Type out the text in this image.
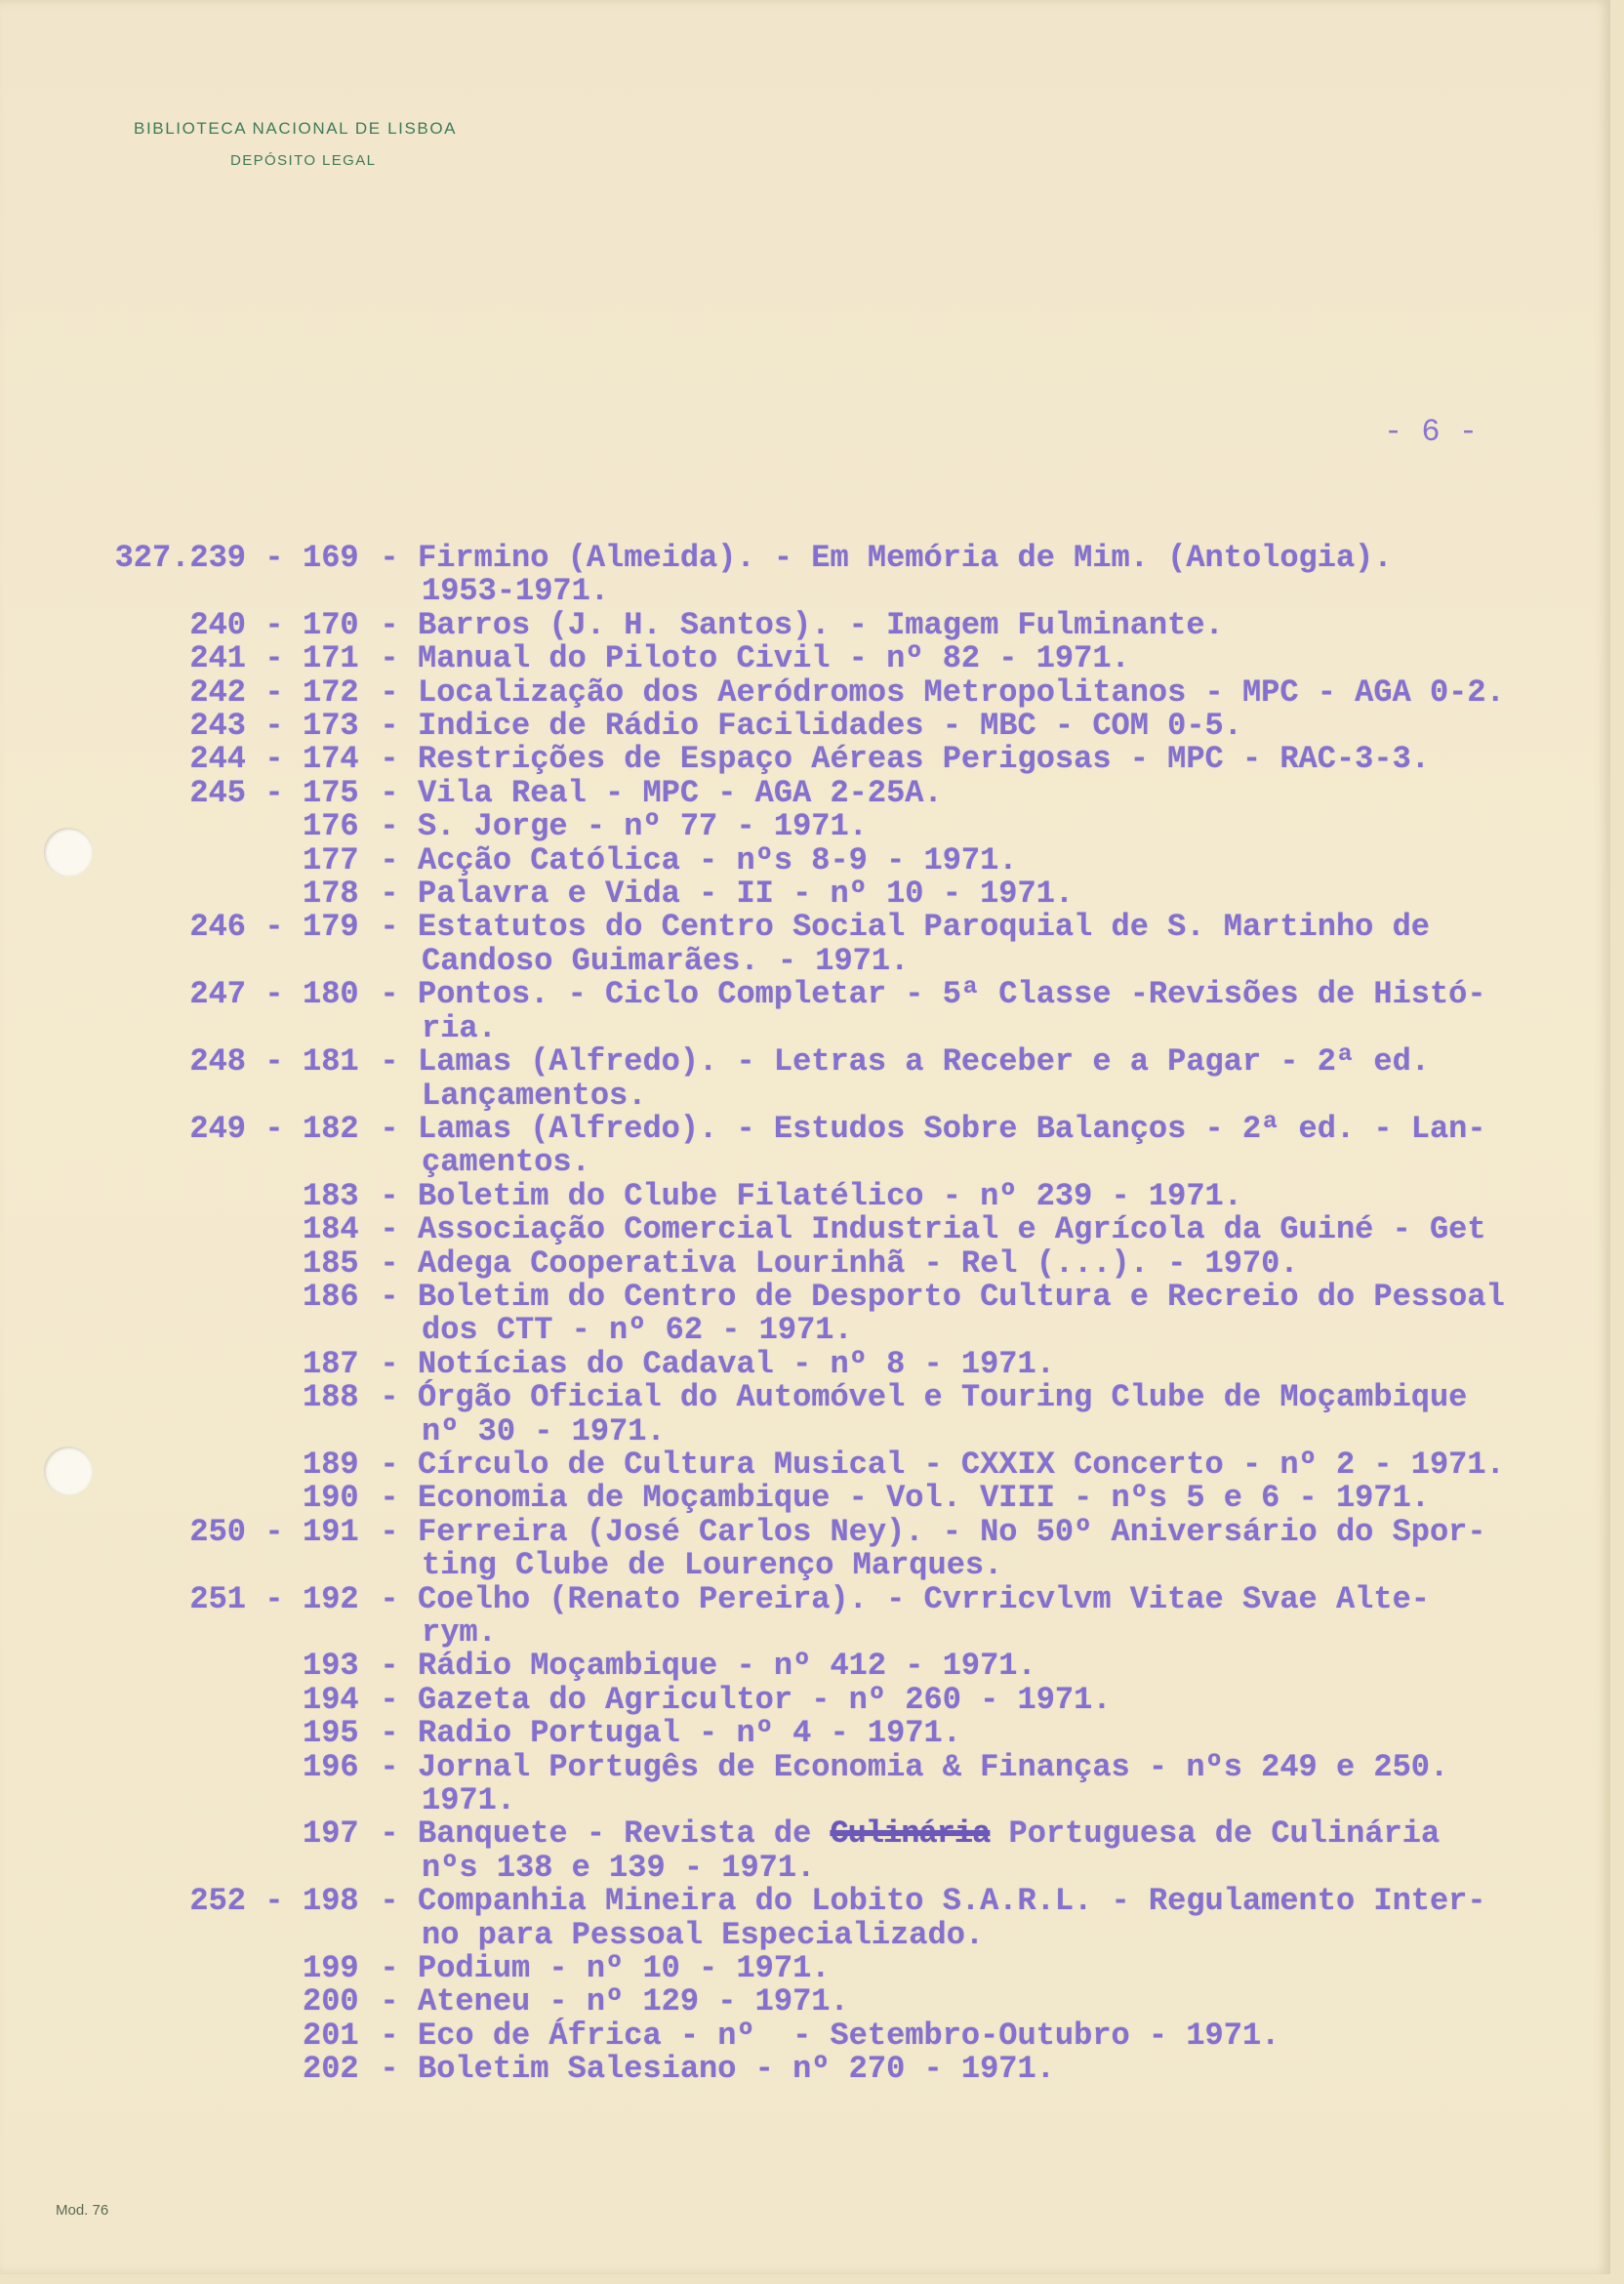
BIBLIOTECA NACIONAL DE LISBOA
DEPÓSITO LEGAL
- 6 -
327.239 - 169 - Firmino (Almeida). - Em Memória de Mim. (Antologia).
1953-1971.
240 - 170 - Barros (J. H. Santos). - Imagem Fulminante.
241 - 171 - Manual do Piloto Civil - nº 82 - 1971.
242 - 172 - Localização dos Aeródromos Metropolitanos - MPC - AGA 0-2.
243 - 173 - Indice de Rádio Facilidades - MBC - COM 0-5.
244 - 174 - Restrições de Espaço Aéreas Perigosas - MPC - RAC-3-3.
245 - 175 - Vila Real - MPC - AGA 2-25A.
176 - S. Jorge - nº 77 - 1971.
177 - Acção Católica - nºs 8-9 - 1971.
178 - Palavra e Vida - II - nº 10 - 1971.
246 - 179 - Estatutos do Centro Social Paroquial de S. Martinho de
Candoso Guimarães. - 1971.
247 - 180 - Pontos. - Ciclo Completar - 5ª Classe -Revisões de Histó-
ria.
248 - 181 - Lamas (Alfredo). - Letras a Receber e a Pagar - 2ª ed.
Lançamentos.
249 - 182 - Lamas (Alfredo). - Estudos Sobre Balanços - 2ª ed. - Lan-
çamentos.
183 - Boletim do Clube Filatélico - nº 239 - 1971.
184 - Associação Comercial Industrial e Agrícola da Guiné - Get
185 - Adega Cooperativa Lourinhã - Rel (...). - 1970.
186 - Boletim do Centro de Desporto Cultura e Recreio do Pessoal
dos CTT - nº 62 - 1971.
187 - Notícias do Cadaval - nº 8 - 1971.
188 - Órgão Oficial do Automóvel e Touring Clube de Moçambique
nº 30 - 1971.
189 - Círculo de Cultura Musical - CXXIX Concerto - nº 2 - 1971.
190 - Economia de Moçambique - Vol. VIII - nºs 5 e 6 - 1971.
250 - 191 - Ferreira (José Carlos Ney). - No 50º Aniversário do Spor-
ting Clube de Lourenço Marques.
251 - 192 - Coelho (Renato Pereira). - Cvrricvlvm Vitae Svae Alte-
rym.
193 - Rádio Moçambique - nº 412 - 1971.
194 - Gazeta do Agricultor - nº 260 - 1971.
195 - Radio Portugal - nº 4 - 1971.
196 - Jornal Portugês de Economia & Finanças - nºs 249 e 250.
1971.
197 - Banquete - Revista de Culinária Portuguesa de Culinária
nºs 138 e 139 - 1971.
252 - 198 - Companhia Mineira do Lobito S.A.R.L. - Regulamento Inter-
no para Pessoal Especializado.
199 - Podium - nº 10 - 1971.
200 - Ateneu - nº 129 - 1971.
201 - Eco de África - nº  - Setembro-Outubro - 1971.
202 - Boletim Salesiano - nº 270 - 1971.
Mod. 76
